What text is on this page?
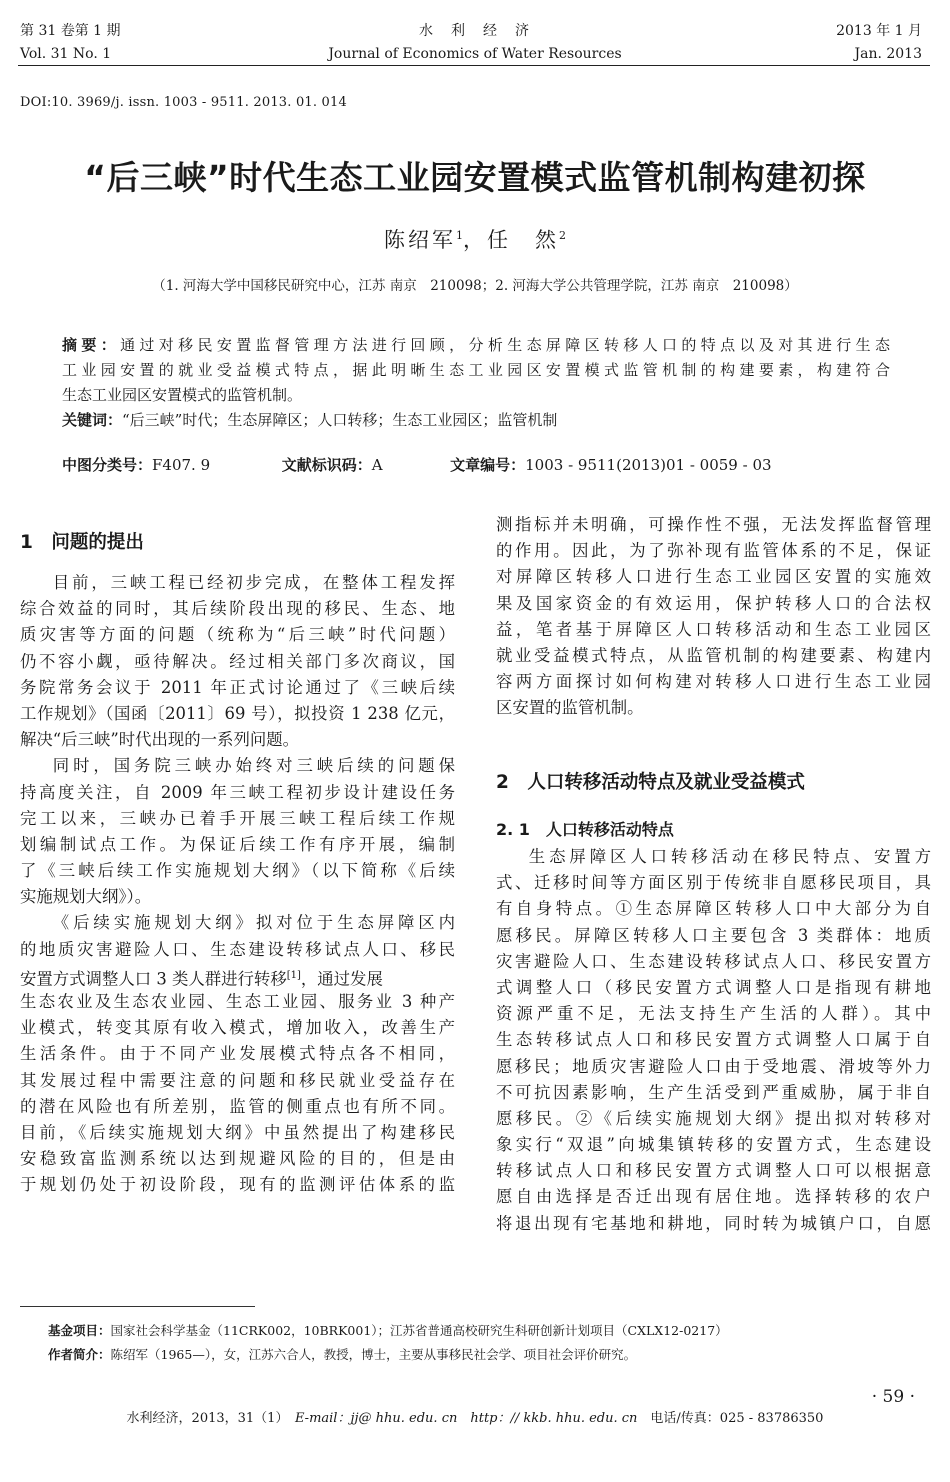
第 31 卷第 1 期
Vol. 31 No. 1
水　利　经　济
Journal of Economics of Water Resources
2013 年 1 月
Jan. 2013
DOI:10. 3969/j. issn. 1003 - 9511. 2013. 01. 014
“后三峡”时代生态工业园安置模式监管机制构建初探
陈绍军$^1$，任　然$^2$
（1. 河海大学中国移民研究中心，江苏 南京　210098；2. 河海大学公共管理学院，江苏 南京　210098）
摘要：通过对移民安置监督管理方法进行回顾，分析生态屏障区转移人口的特点以及对其进行生态
工业园安置的就业受益模式特点，据此明晰生态工业园区安置模式监管机制的构建要素，构建符合
生态工业园区安置模式的监管机制。
关键词：“后三峡”时代；生态屏障区；人口转移；生态工业园区；监管机制
中图分类号：F407. 9	文献标识码：A	文章编号：1003 - 9511(2013)01 - 0059 - 03
1　问题的提出
目前，三峡工程已经初步完成，在整体工程发挥
综合效益的同时，其后续阶段出现的移民、生态、地
质灾害等方面的问题（统称为“后三峡”时代问题）
仍不容小觑，亟待解决。经过相关部门多次商议，国
务院常务会议于 2011 年正式讨论通过了《三峡后续
工作规划》（国函〔2011〕69 号），拟投资 1 238 亿元，
解决“后三峡”时代出现的一系列问题。
同时，国务院三峡办始终对三峡后续的问题保
持高度关注，自 2009 年三峡工程初步设计建设任务
完工以来，三峡办已着手开展三峡工程后续工作规
划编制试点工作。为保证后续工作有序开展，编制
了《三峡后续工作实施规划大纲》（以下简称《后续
实施规划大纲》）。
《后续实施规划大纲》拟对位于生态屏障区内
的地质灾害避险人口、生态建设转移试点人口、移民
安置方式调整人口 3 类人群进行转移[1]，通过发展
生态农业及生态农业园、生态工业园、服务业 3 种产
业模式，转变其原有收入模式，增加收入，改善生产
生活条件。由于不同产业发展模式特点各不相同，
其发展过程中需要注意的问题和移民就业受益存在
的潜在风险也有所差别，监管的侧重点也有所不同。
目前，《后续实施规划大纲》中虽然提出了构建移民
安稳致富监测系统以达到规避风险的目的，但是由
于规划仍处于初设阶段，现有的监测评估体系的监
测指标并未明确，可操作性不强，无法发挥监督管理
的作用。因此，为了弥补现有监管体系的不足，保证
对屏障区转移人口进行生态工业园区安置的实施效
果及国家资金的有效运用，保护转移人口的合法权
益，笔者基于屏障区人口转移活动和生态工业园区
就业受益模式特点，从监管机制的构建要素、构建内
容两方面探讨如何构建对转移人口进行生态工业园
区安置的监管机制。
2　人口转移活动特点及就业受益模式
2. 1　人口转移活动特点
生态屏障区人口转移活动在移民特点、安置方
式、迁移时间等方面区别于传统非自愿移民项目，具
有自身特点。①生态屏障区转移人口中大部分为自
愿移民。屏障区转移人口主要包含 3 类群体：地质
灾害避险人口、生态建设转移试点人口、移民安置方
式调整人口（移民安置方式调整人口是指现有耕地
资源严重不足，无法支持生产生活的人群）。其中
生态转移试点人口和移民安置方式调整人口属于自
愿移民；地质灾害避险人口由于受地震、滑坡等外力
不可抗因素影响，生产生活受到严重威胁，属于非自
愿移民。②《后续实施规划大纲》提出拟对转移对
象实行“双退”向城集镇转移的安置方式，生态建设
转移试点人口和移民安置方式调整人口可以根据意
愿自由选择是否迁出现有居住地。选择转移的农户
将退出现有宅基地和耕地，同时转为城镇户口，自愿
基金项目：国家社会科学基金（11CRK002，10BRK001）；江苏省普通高校研究生科研创新计划项目（CXLX12-0217）
作者简介：陈绍军（1965—），女，江苏六合人，教授，博士，主要从事移民社会学、项目社会评价研究。
· 59 ·
水利经济，2013，31（1）　E-mail：jj@ hhu. edu. cn　http：// kkb. hhu. edu. cn　电话/传真：025 - 83786350
